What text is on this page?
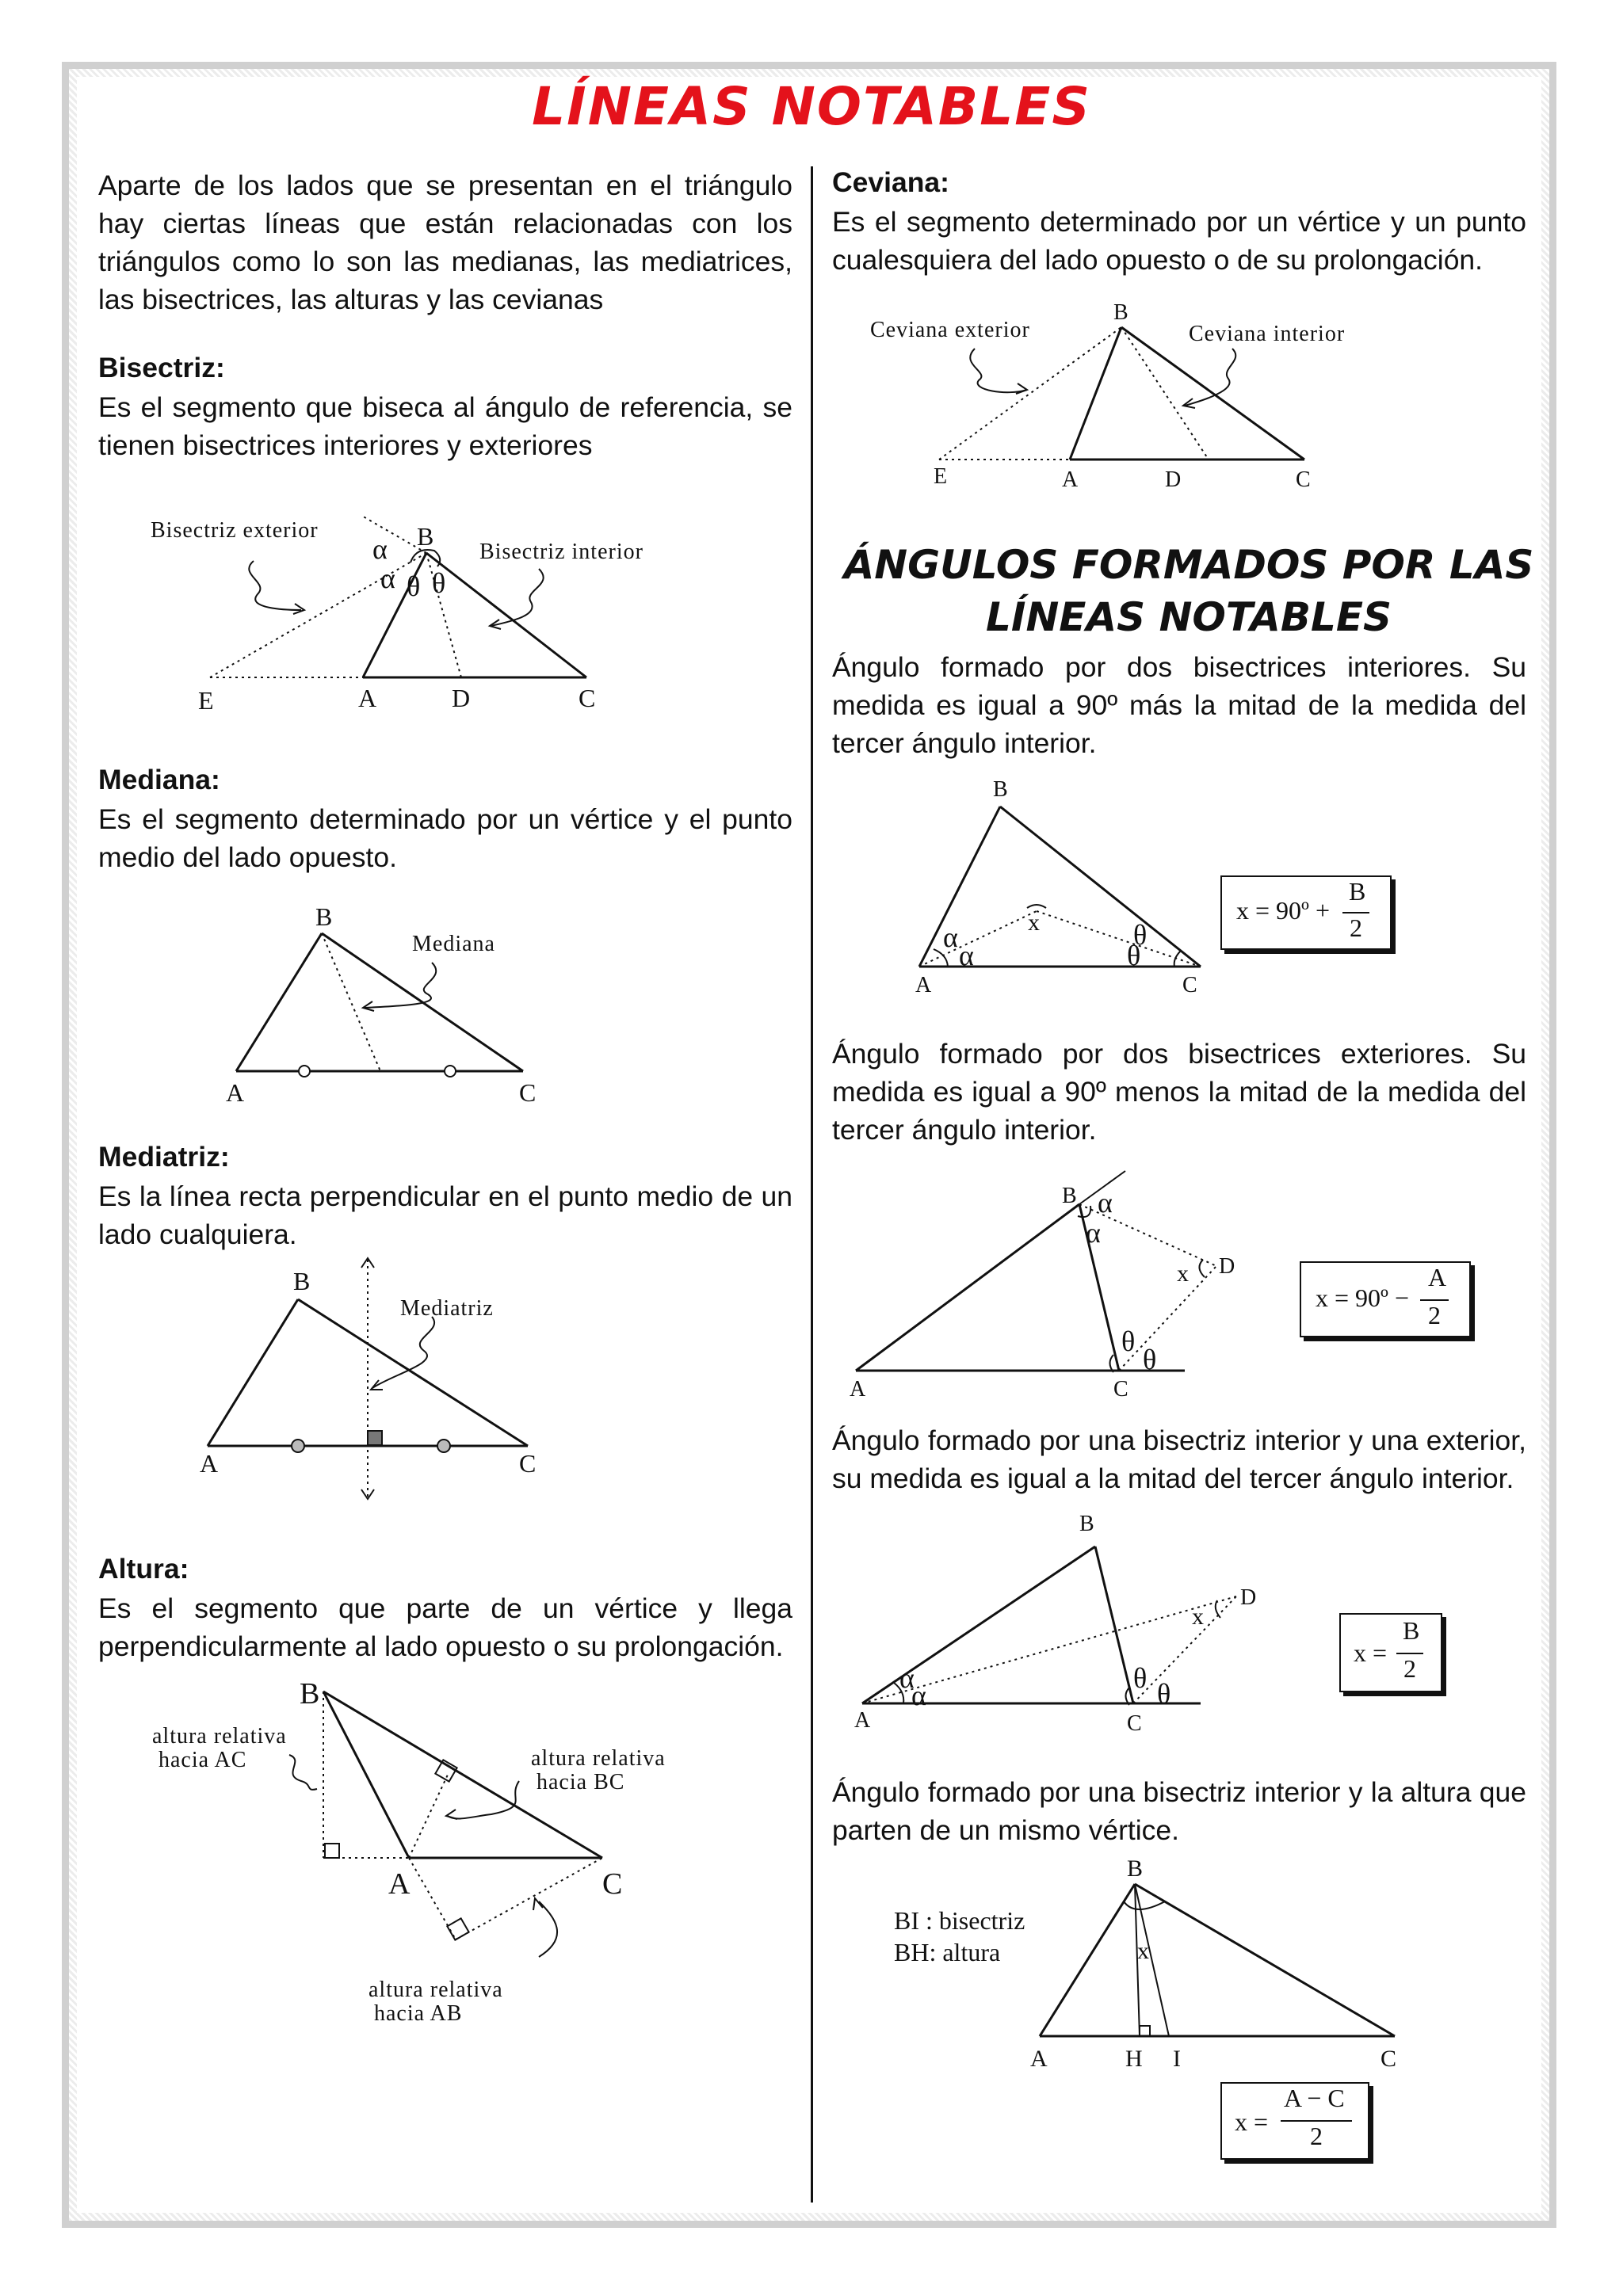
LÍNEAS NOTABLES
Aparte de los lados que se presentan en el triángulo hay ciertas líneas que están relacionadas con los triángulos como lo son las medianas, las mediatrices, las bisectrices, las alturas y las cevianas
Bisectriz:
Es el segmento que biseca al ángulo de referencia, se tienen bisectrices interiores y exteriores
Bisectriz exterior
Bisectriz interior
B
α
α θ θ
E	A	D	C
Mediana:
Es el segmento determinado por un vértice y el punto medio del lado opuesto.
B
Mediana
A	C
Mediatriz:
Es la línea recta perpendicular en el punto medio de un lado cualquiera.
B
Mediatriz
A	C
Altura:
Es el segmento que parte de un vértice y llega perpendicularmente al lado opuesto o su prolongación.
altura relativa
hacia AC	altura relativa
hacia BC
altura relativa
hacia AB
B
A	C
Ceviana:
Es el segmento determinado por un vértice y un punto cualesquiera del lado opuesto o de su prolongación.
Ceviana exterior	Ceviana interior
B
E	A	D	C
ÁNGULOS FORMADOS POR LAS
LÍNEAS NOTABLES
Ángulo formado por dos bisectrices interiores. Su medida es igual a 90º más la mitad de la medida del tercer ángulo interior.
B
α
α
θ
θ
x
A	C
x = 90º +
B
2
Ángulo formado por dos bisectrices exteriores. Su medida es igual a 90º menos la mitad de la medida del tercer ángulo interior.
B α
α
θ
θ
x D
A	C
x = 90º −
A
2
Ángulo formado por una bisectriz interior y una exterior, su medida es igual a la mitad del tercer ángulo interior.
B
α
α
θ θ
x
D
A	C
x =
B
2
Ángulo formado por una bisectriz interior y la altura que parten de un mismo vértice.
B
BI : bisectriz
BH: altura	x
A	H I	C
x =
A − C
2
